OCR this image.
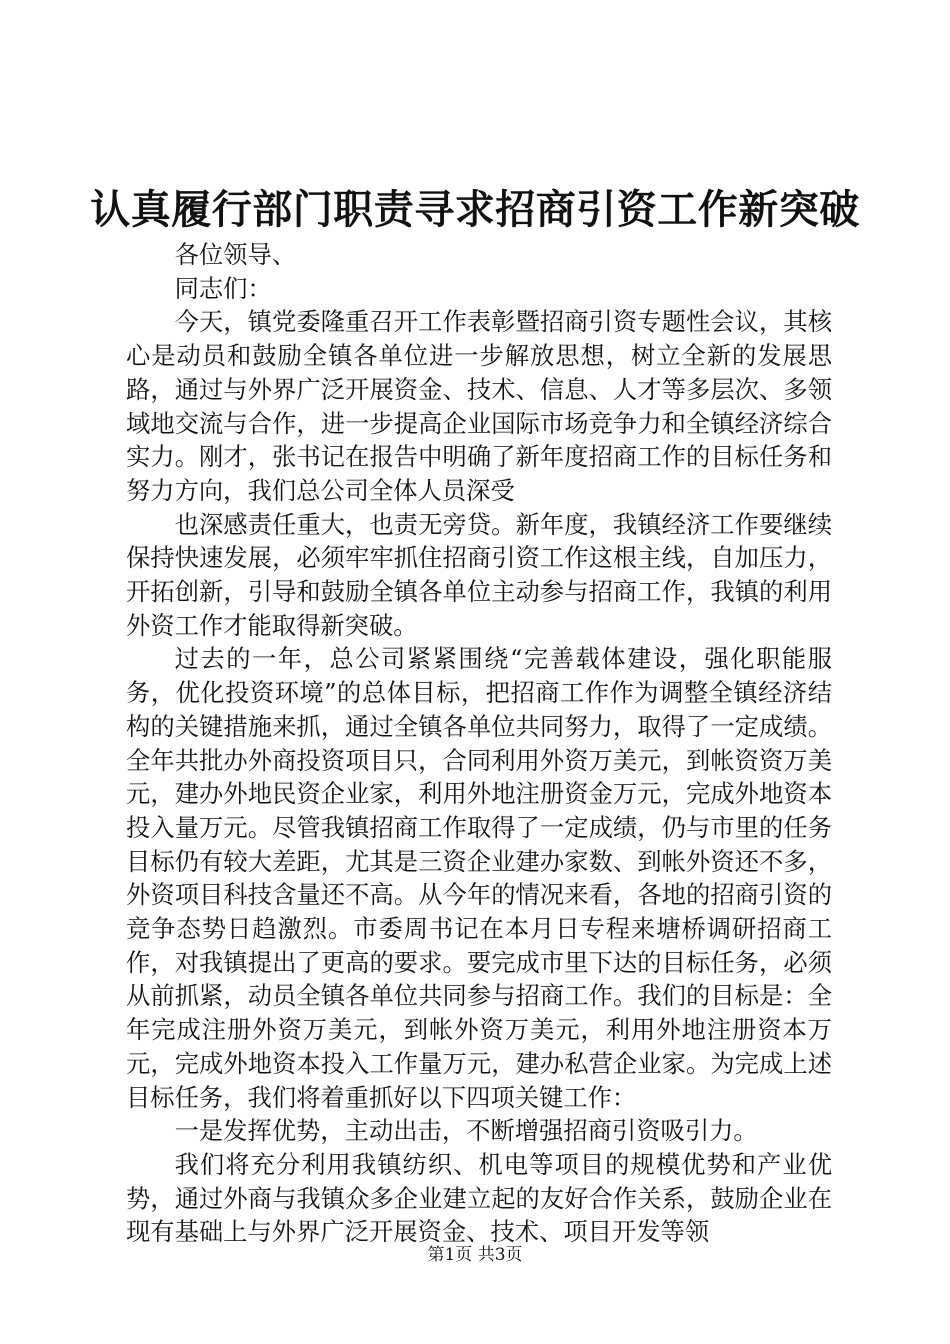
认真履行部门职责寻求招商引资工作新突破

各位领导、

同志们：

今天，镇党委隆重召开工作表彰暨招商引资专题性会议，其核心是动员和鼓励全镇各单位进一步解放思想，树立全新的发展思路，通过与外界广泛开展资金、技术、信息、人才等多层次、多领域地交流与合作，进一步提高企业国际市场竞争力和全镇经济综合实力。刚才，张书记在报告中明确了新年度招商工作的目标任务和努力方向，我们总公司全体人员深受

也深感责任重大，也责无旁贷。新年度，我镇经济工作要继续保持快速发展，必须牢牢抓住招商引资工作这根主线，自加压力，开拓创新，引导和鼓励全镇各单位主动参与招商工作，我镇的利用外资工作才能取得新突破。

过去的一年，总公司紧紧围绕“完善载体建设，强化职能服务，优化投资环境”的总体目标，把招商工作作为调整全镇经济结构的关键措施来抓，通过全镇各单位共同努力，取得了一定成绩。全年共批办外商投资项目只，合同利用外资万美元，到帐资资万美元，建办外地民资企业家，利用外地注册资金万元，完成外地资本投入量万元。尽管我镇招商工作取得了一定成绩，仍与市里的任务目标仍有较大差距，尤其是三资企业建办家数、到帐外资还不多，外资项目科技含量还不高。从今年的情况来看，各地的招商引资的竞争态势日趋激烈。市委周书记在本月日专程来塘桥调研招商工作，对我镇提出了更高的要求。要完成市里下达的目标任务，必须从前抓紧，动员全镇各单位共同参与招商工作。我们的目标是：全年完成注册外资万美元，到帐外资万美元，利用外地注册资本万元，完成外地资本投入工作量万元，建办私营企业家。为完成上述目标任务，我们将着重抓好以下四项关键工作：

一是发挥优势，主动出击，不断增强招商引资吸引力。

我们将充分利用我镇纺织、机电等项目的规模优势和产业优势，通过外商与我镇众多企业建立起的友好合作关系，鼓励企业在现有基础上与外界广泛开展资金、技术、项目开发等领

第1页 共3页
